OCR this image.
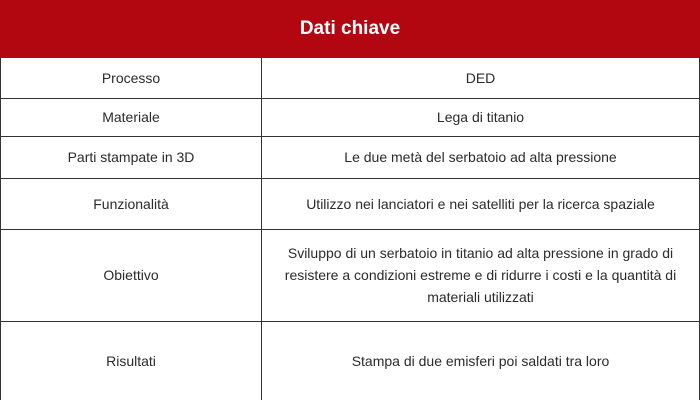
Dati chiave
Processo	DED
Materiale	Lega di titanio
Parti stampate in 3D	Le due metà del serbatoio ad alta pressione
Funzionalità	Utilizzo nei lanciatori e nei satelliti per la ricerca spaziale
Obiettivo	Sviluppo di un serbatoio in titanio ad alta pressione in grado di resistere a condizioni estreme e di ridurre i costi e la quantità di materiali utilizzati
Risultati	Stampa di due emisferi poi saldati tra loro
